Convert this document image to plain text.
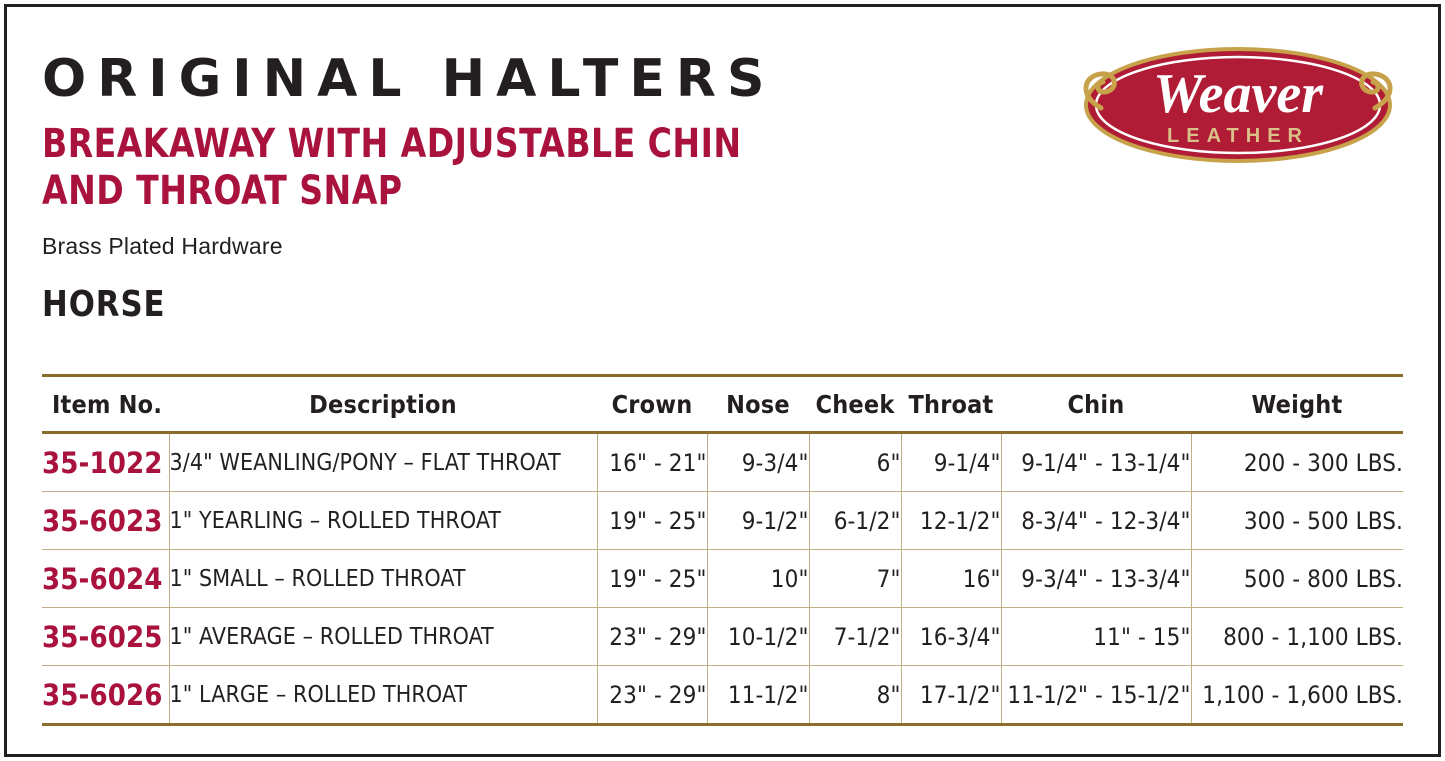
ORIGINAL HALTERS
BREAKAWAY WITH ADJUSTABLE CHIN
AND THROAT SNAP
Brass Plated Hardware
HORSE
Weaver
LEATHER
Item No.	Description	Crown	Nose	Cheek	Throat	Chin	Weight
35-1022	3/4" WEANLING/PONY – FLAT THROAT	16" - 21"	9-3/4"	6"	9-1/4"	9-1/4" - 13-1/4"	200 - 300 LBS.
35-6023	1" YEARLING – ROLLED THROAT	19" - 25"	9-1/2"	6-1/2"	12-1/2"	8-3/4" - 12-3/4"	300 - 500 LBS.
35-6024	1" SMALL – ROLLED THROAT	19" - 25"	10"	7"	16"	9-3/4" - 13-3/4"	500 - 800 LBS.
35-6025	1" AVERAGE – ROLLED THROAT	23" - 29"	10-1/2"	7-1/2"	16-3/4"	11" - 15"	800 - 1,100 LBS.
35-6026	1" LARGE – ROLLED THROAT	23" - 29"	11-1/2"	8"	17-1/2"	11-1/2" - 15-1/2"	1,100 - 1,600 LBS.
